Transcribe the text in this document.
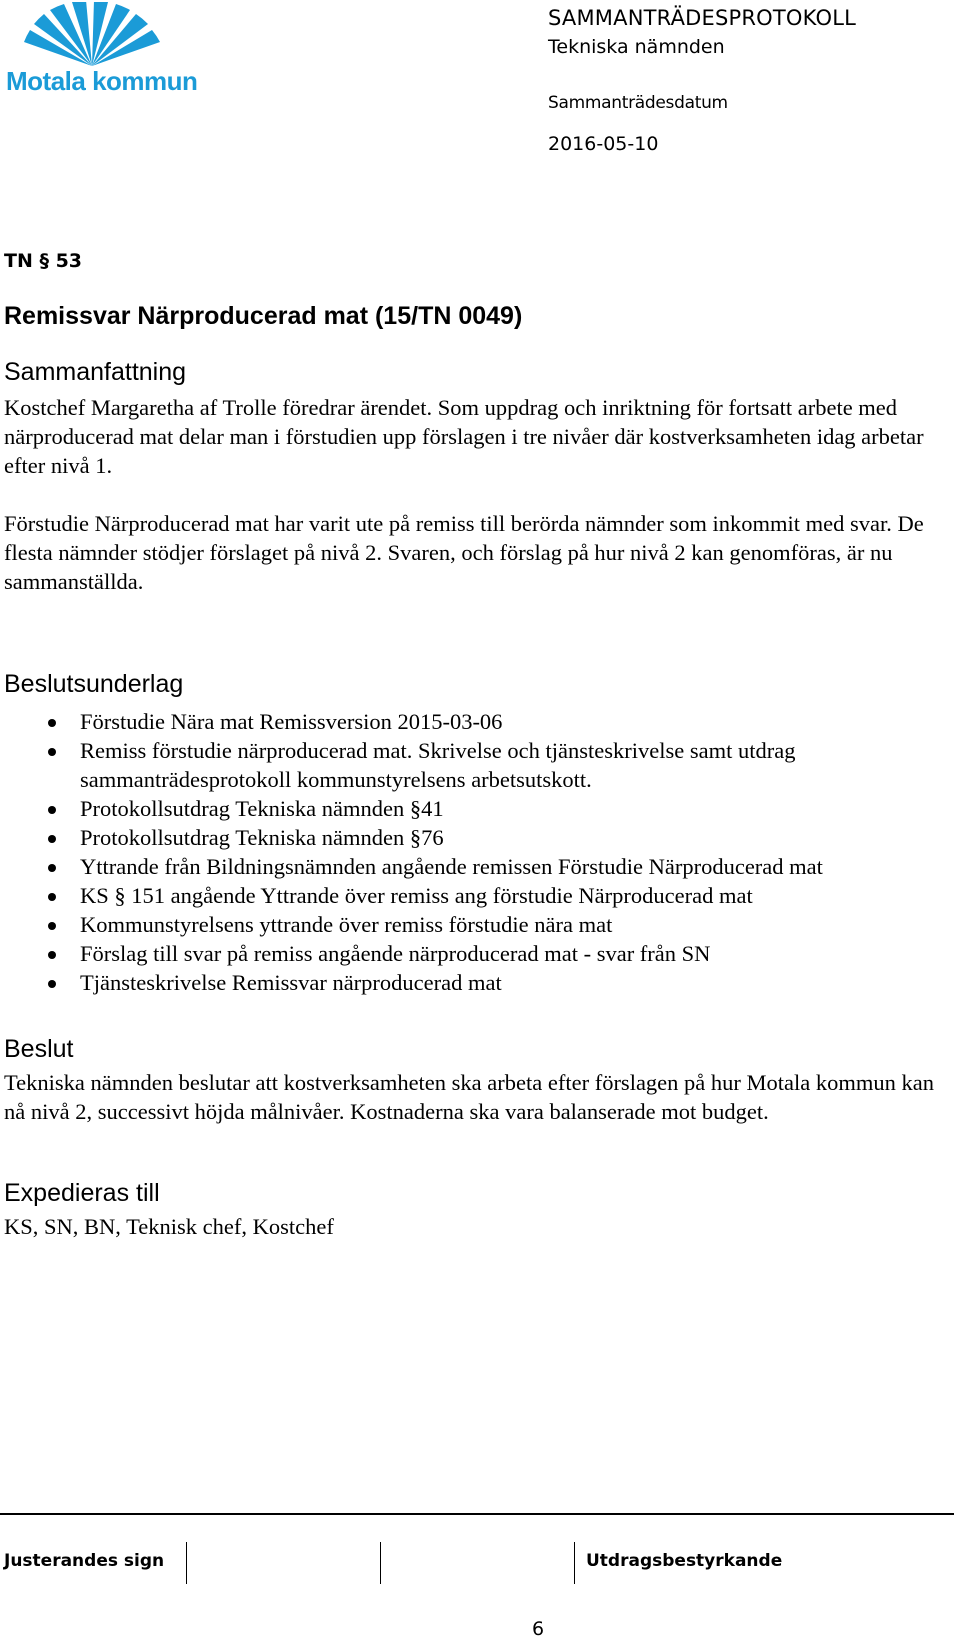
Motala kommun
SAMMANTRÄDESPROTOKOLL
Tekniska nämnden
Sammanträdesdatum
2016-05-10
TN § 53
Remissvar Närproducerad mat (15/TN 0049)
Sammanfattning
Kostchef Margaretha af Trolle föredrar ärendet. Som uppdrag och inriktning för fortsatt arbete med närproducerad mat delar man i förstudien upp förslagen i tre nivåer där kostverksamheten idag arbetar efter nivå 1.
Förstudie Närproducerad mat har varit ute på remiss till berörda nämnder som inkommit med svar. De flesta nämnder stödjer förslaget på nivå 2. Svaren, och förslag på hur nivå 2 kan genomföras, är nu sammanställda.
Beslutsunderlag
Förstudie Nära mat Remissversion 2015-03-06
Remiss förstudie närproducerad mat. Skrivelse och tjänsteskrivelse samt utdrag sammanträdesprotokoll kommunstyrelsens arbetsutskott.
Protokollsutdrag Tekniska nämnden §41
Protokollsutdrag Tekniska nämnden §76
Yttrande från Bildningsnämnden angående remissen Förstudie Närproducerad mat
KS § 151 angående Yttrande över remiss ang förstudie Närproducerad mat
Kommunstyrelsens yttrande över remiss förstudie nära mat
Förslag till svar på remiss angående närproducerad mat - svar från SN
Tjänsteskrivelse Remissvar närproducerad mat
Beslut
Tekniska nämnden beslutar att kostverksamheten ska arbeta efter förslagen på hur Motala kommun kan nå nivå 2, successivt höjda målnivåer. Kostnaderna ska vara balanserade mot budget.
Expedieras till
KS, SN, BN, Teknisk chef, Kostchef
Justerandes sign	Utdragsbestyrkande
6
